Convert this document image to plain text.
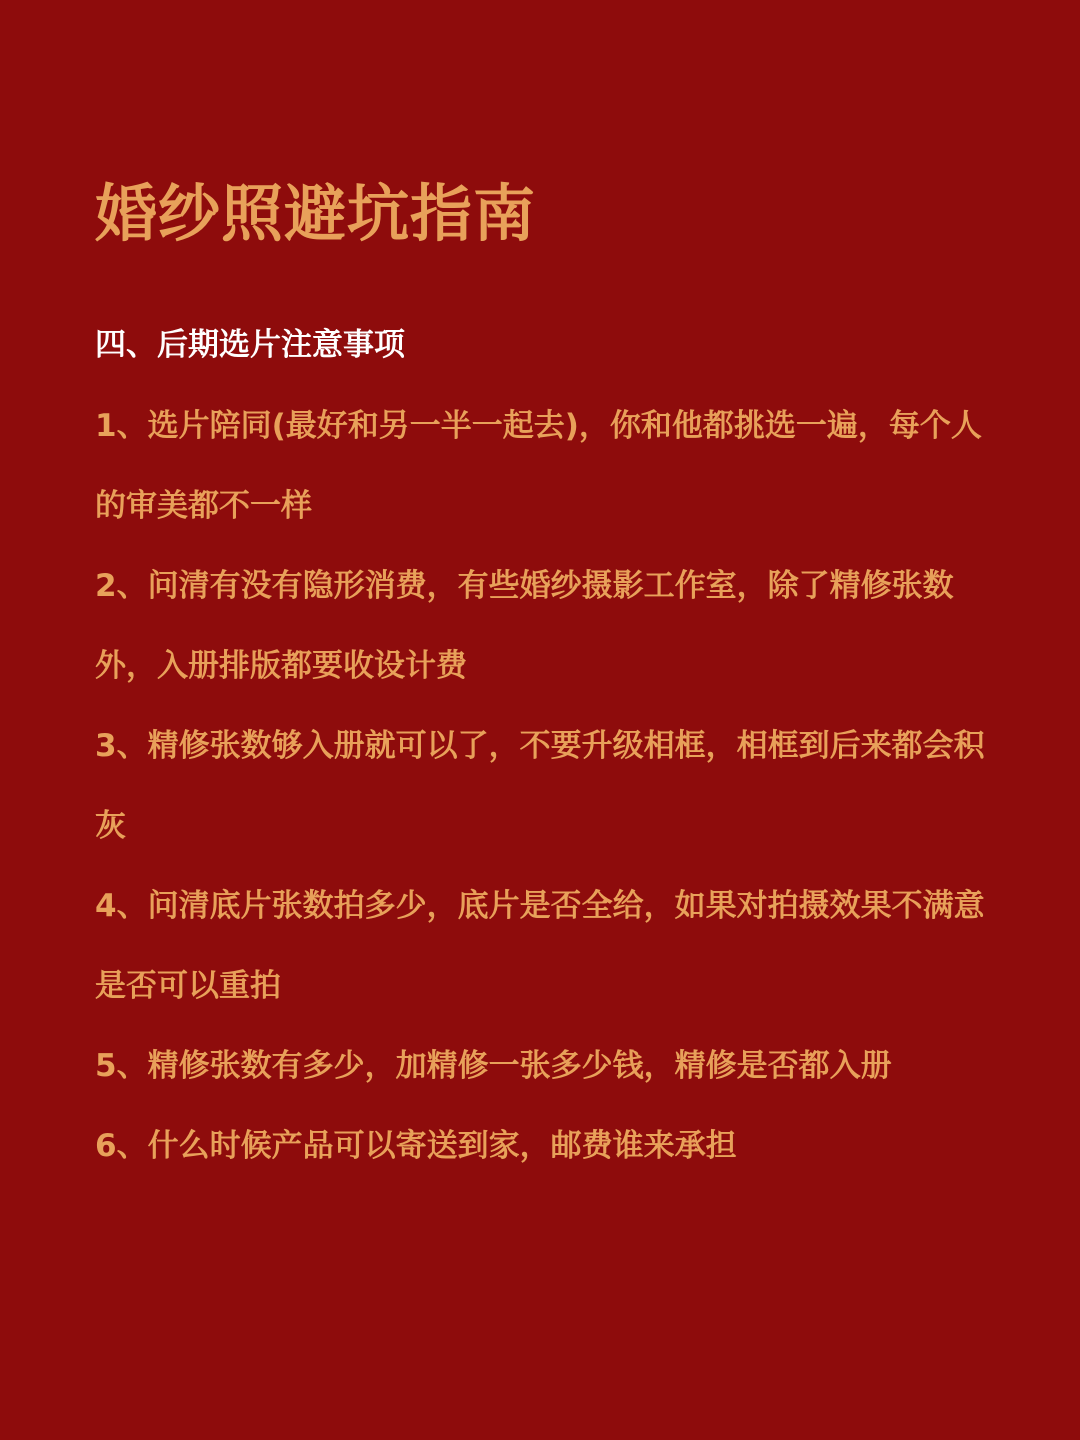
婚纱照避坑指南
四、后期选片注意事项
1、选片陪同(最好和另一半一起去)，你和他都挑选一遍，每个人的审美都不一样
2、问清有没有隐形消费，有些婚纱摄影工作室，除了精修张数外，入册排版都要收设计费
3、精修张数够入册就可以了，不要升级相框，相框到后来都会积灰
4、问清底片张数拍多少，底片是否全给，如果对拍摄效果不满意是否可以重拍
5、精修张数有多少，加精修一张多少钱，精修是否都入册
6、什么时候产品可以寄送到家，邮费谁来承担
